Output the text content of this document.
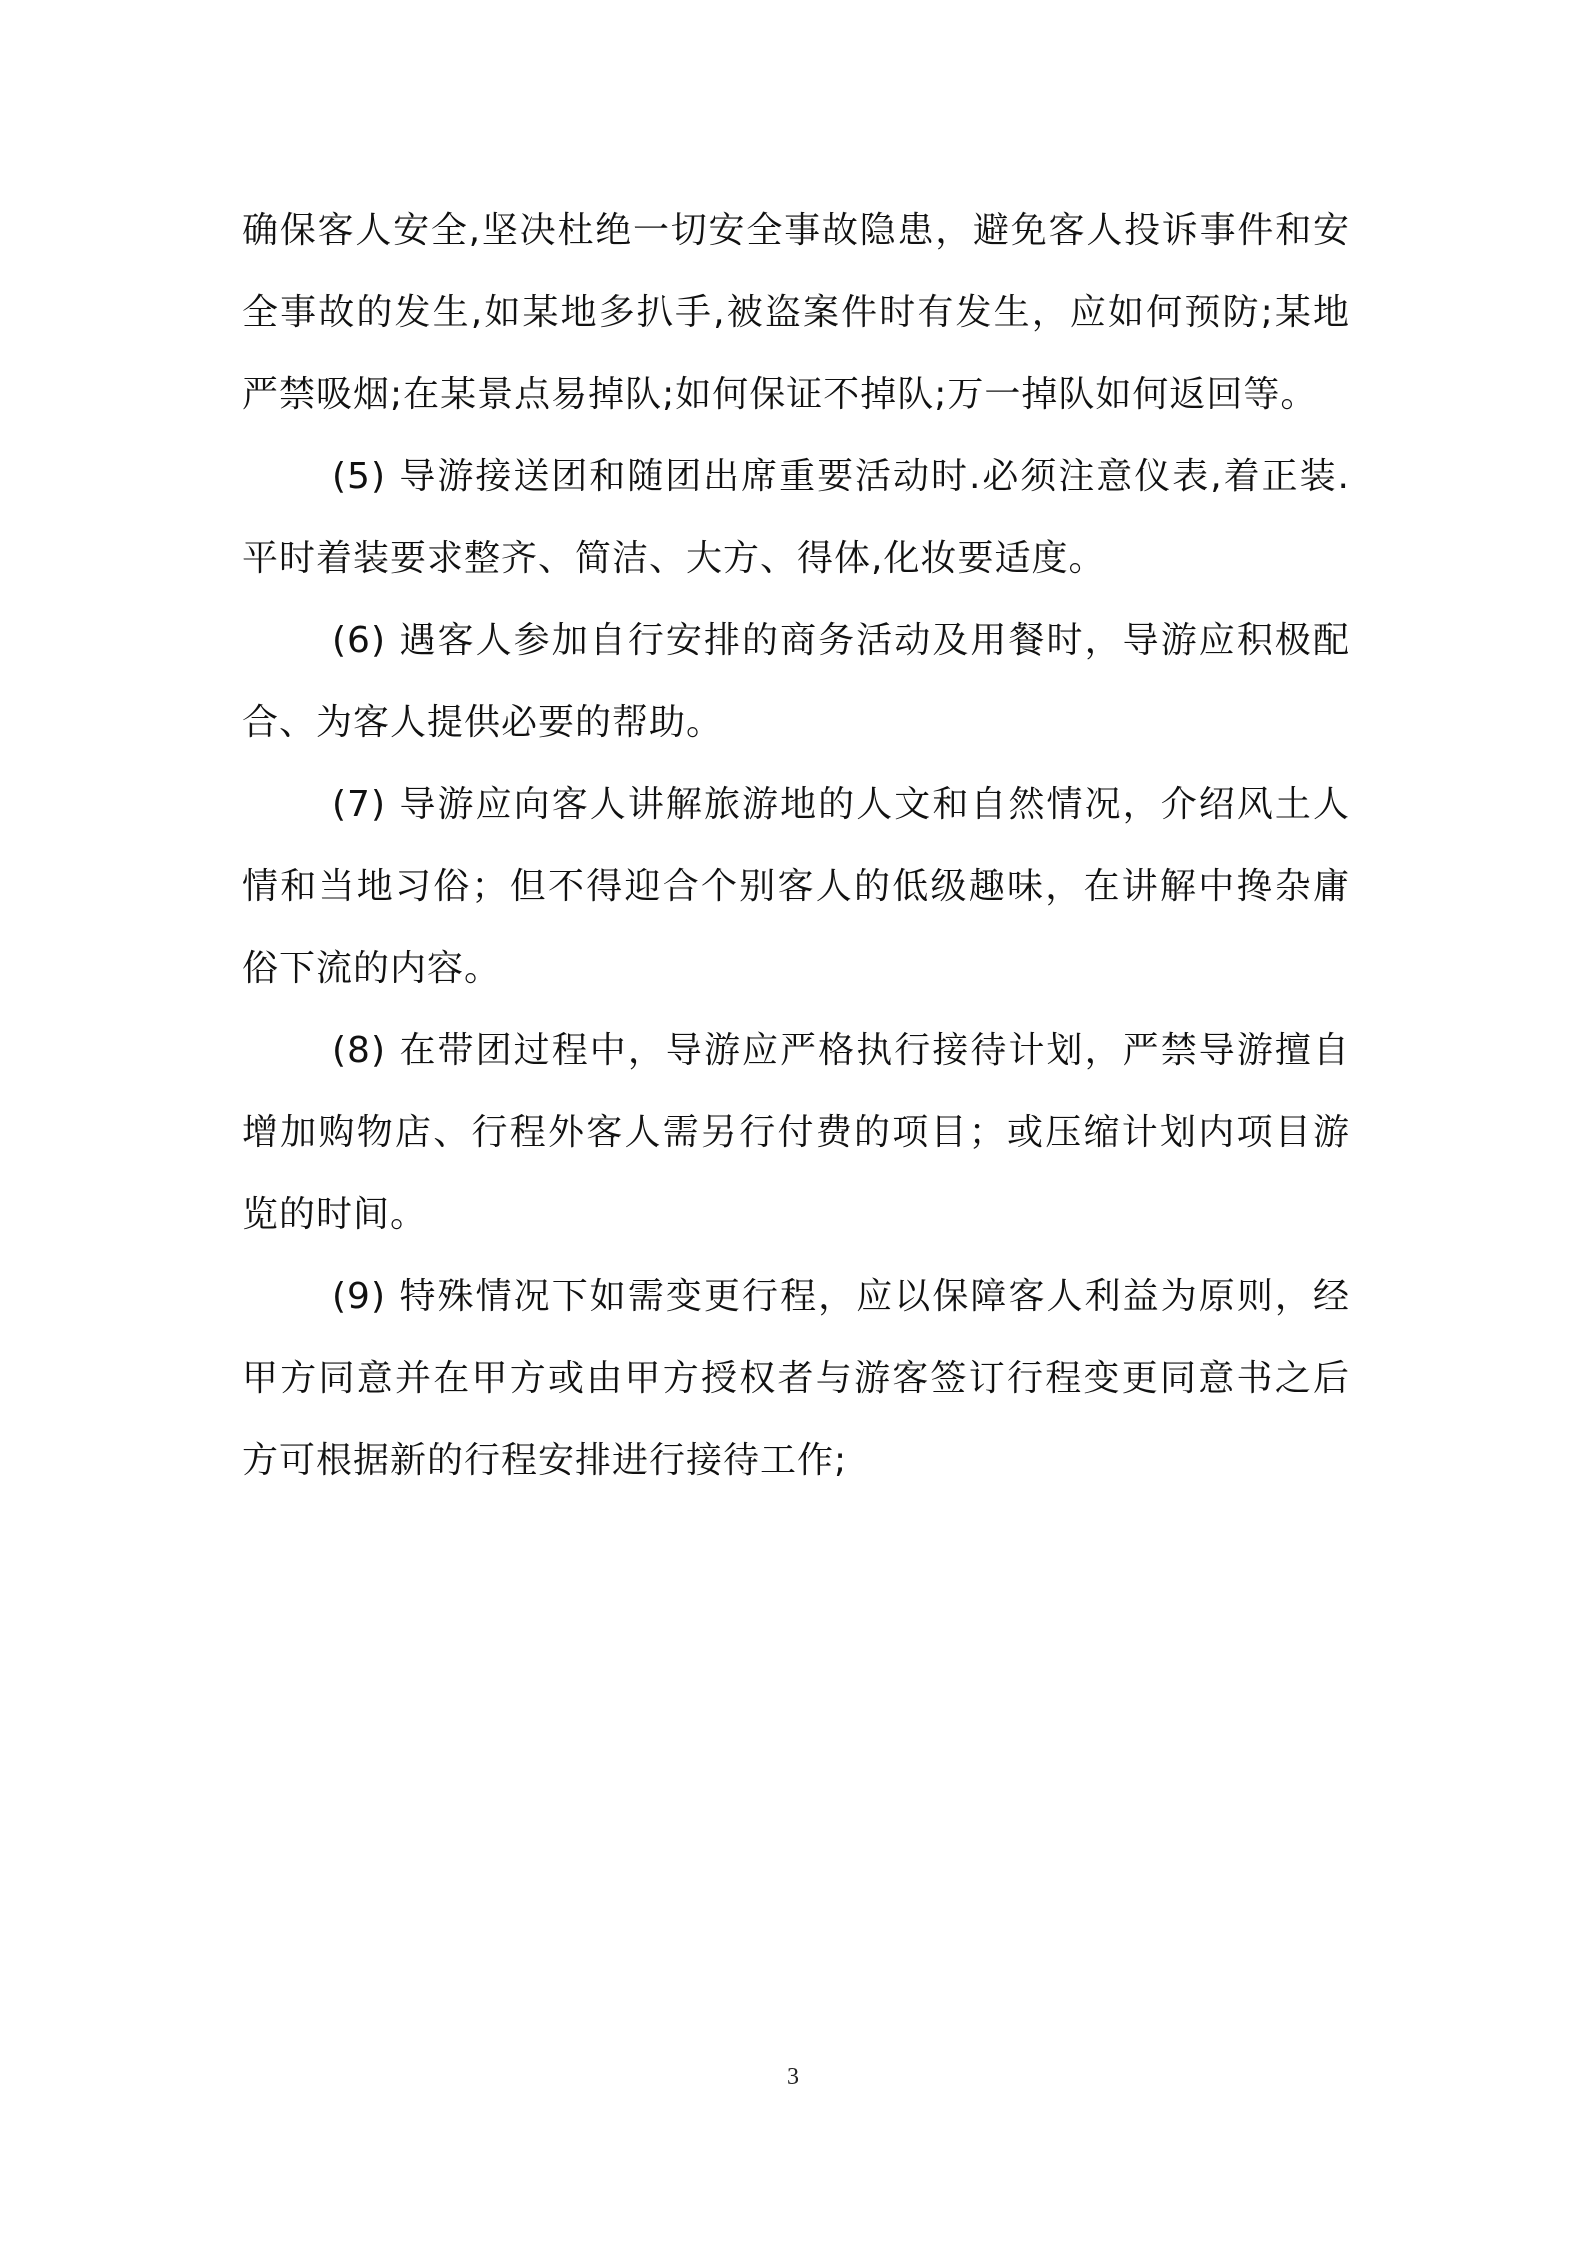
确保客人安全,坚决杜绝一切安全事故隐患，避免客人投诉事件和安全事故的发生,如某地多扒手,被盗案件时有发生，应如何预防;某地严禁吸烟;在某景点易掉队;如何保证不掉队;万一掉队如何返回等。

(5) 导游接送团和随团出席重要活动时.必须注意仪表,着正装.平时着装要求整齐、简洁、大方、得体,化妆要适度。

(6) 遇客人参加自行安排的商务活动及用餐时，导游应积极配合、为客人提供必要的帮助。

(7) 导游应向客人讲解旅游地的人文和自然情况，介绍风土人情和当地习俗；但不得迎合个别客人的低级趣味，在讲解中搀杂庸俗下流的内容。

(8) 在带团过程中，导游应严格执行接待计划，严禁导游擅自增加购物店、行程外客人需另行付费的项目；或压缩计划内项目游览的时间。

(9) 特殊情况下如需变更行程，应以保障客人利益为原则，经甲方同意并在甲方或由甲方授权者与游客签订行程变更同意书之后方可根据新的行程安排进行接待工作;

3
